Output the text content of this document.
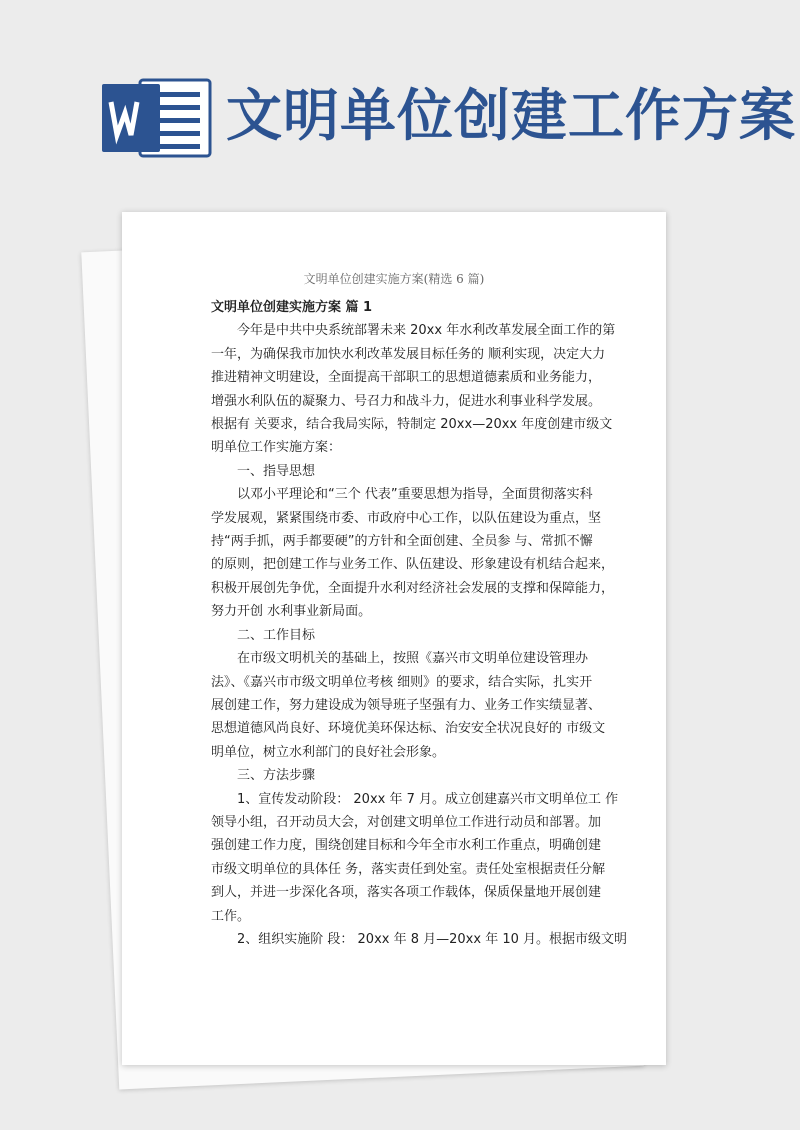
文明单位创建工作方案

文明单位创建实施方案(精选 6 篇)

文明单位创建实施方案 篇 1

今年是中共中央系统部署未来 20xx 年水利改革发展全面工作的第

一年，为确保我市加快水利改革发展目标任务的 顺利实现，决定大力

推进精神文明建设，全面提高干部职工的思想道德素质和业务能力，

增强水利队伍的凝聚力、号召力和战斗力，促进水利事业科学发展。

根据有 关要求，结合我局实际，特制定 20xx—20xx 年度创建市级文

明单位工作实施方案：

一、指导思想

以邓小平理论和“三个 代表”重要思想为指导，全面贯彻落实科

学发展观，紧紧围绕市委、市政府中心工作，以队伍建设为重点，坚

持“两手抓，两手都要硬”的方针和全面创建、全员参 与、常抓不懈

的原则，把创建工作与业务工作、队伍建设、形象建设有机结合起来，

积极开展创先争优，全面提升水利对经济社会发展的支撑和保障能力，

努力开创 水利事业新局面。

二、工作目标

在市级文明机关的基础上，按照《嘉兴市文明单位建设管理办

法》、《嘉兴市市级文明单位考核 细则》的要求，结合实际，扎实开

展创建工作，努力建设成为领导班子坚强有力、业务工作实绩显著、

思想道德风尚良好、环境优美环保达标、治安安全状况良好的 市级文

明单位，树立水利部门的良好社会形象。

三、方法步骤

1、宣传发动阶段： 20xx 年 7 月。成立创建嘉兴市文明单位工 作

领导小组，召开动员大会，对创建文明单位工作进行动员和部署。加

强创建工作力度，围绕创建目标和今年全市水利工作重点，明确创建

市级文明单位的具体任 务，落实责任到处室。责任处室根据责任分解

到人，并进一步深化各项，落实各项工作载体，保质保量地开展创建

工作。

2、组织实施阶 段： 20xx 年 8 月—20xx 年 10 月。根据市级文明
